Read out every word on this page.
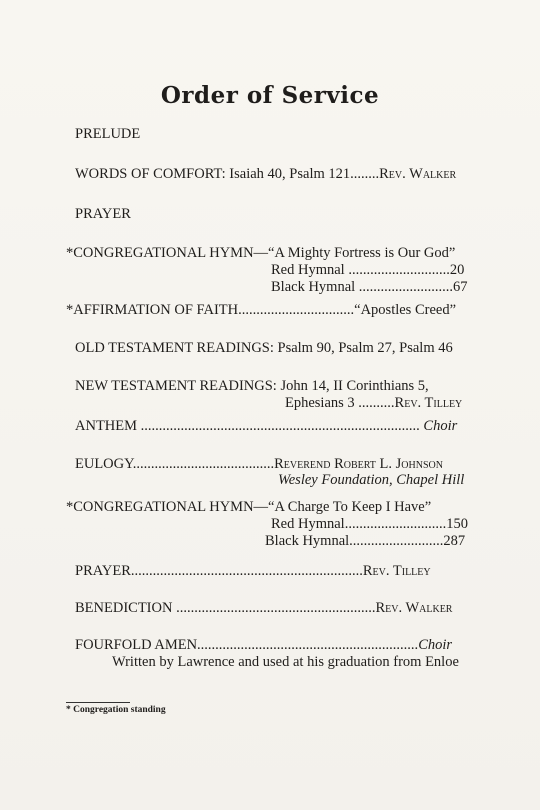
Order of Service
PRELUDE
WORDS OF COMFORT: Isaiah 40, Psalm 121........Rev. Walker
PRAYER
*CONGREGATIONAL HYMN—“A Mighty Fortress is Our God”
Red Hymnal ............................20
Black Hymnal ..........................67
*AFFIRMATION OF FAITH................................“Apostles Creed”
OLD TESTAMENT READINGS: Psalm 90, Psalm 27, Psalm 46
NEW TESTAMENT READINGS: John 14, II Corinthians 5,
Ephesians 3 ..........Rev. Tilley
ANTHEM ............................................................................. Choir
EULOGY.......................................Reverend Robert L. Johnson
Wesley Foundation, Chapel Hill
*CONGREGATIONAL HYMN—“A Charge To Keep I Have”
Red Hymnal............................150
Black Hymnal..........................287
PRAYER................................................................Rev. Tilley
BENEDICTION .......................................................Rev. Walker
FOURFOLD AMEN.............................................................Choir
Written by Lawrence and used at his graduation from Enloe
* Congregation standing
